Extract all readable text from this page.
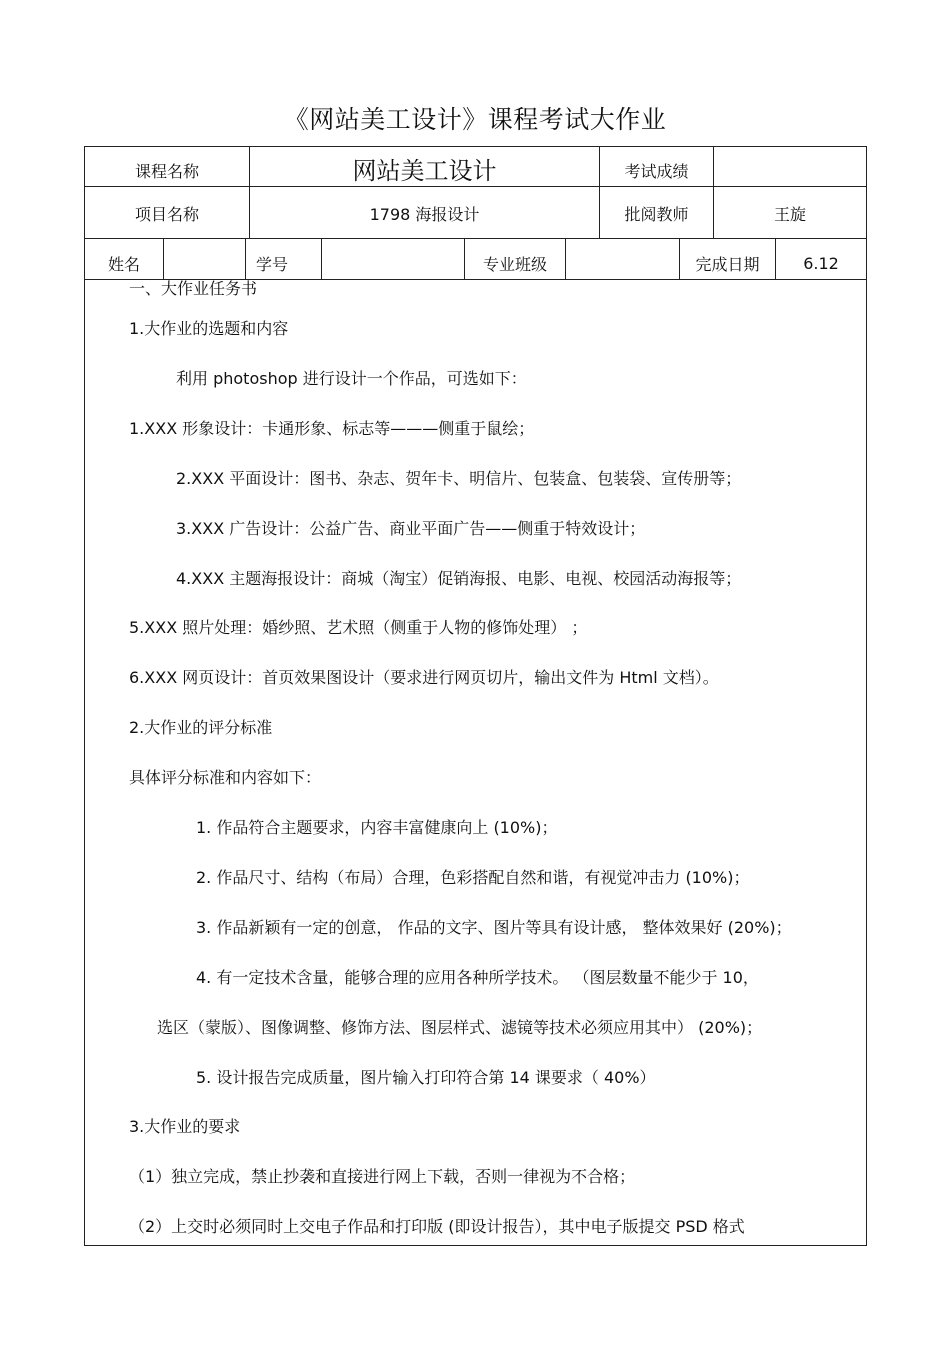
《网站美工设计》课程考试大作业
课程名称	网站美工设计	考试成绩
项目名称	1798 海报设计	批阅教师	王旋
姓名	学号	专业班级	完成日期	6.12
一、大作业任务书
1.大作业的选题和内容
利用 photoshop 进行设计一个作品，可选如下：
1.XXX 形象设计：卡通形象、标志等———侧重于鼠绘；
2.XXX 平面设计：图书、杂志、贺年卡、明信片、包装盒、包装袋、宣传册等；
3.XXX 广告设计：公益广告、商业平面广告——侧重于特效设计；
4.XXX 主题海报设计：商城（淘宝）促销海报、电影、电视、校园活动海报等；
5.XXX 照片处理：婚纱照、艺术照（侧重于人物的修饰处理） ；
6.XXX 网页设计：首页效果图设计（要求进行网页切片，输出文件为 Html 文档）。
2.大作业的评分标准
具体评分标准和内容如下：
1. 作品符合主题要求，内容丰富健康向上 (10%)；
2. 作品尺寸、结构（布局）合理，色彩搭配自然和谐，有视觉冲击力 (10%)；
3. 作品新颖有一定的创意， 作品的文字、图片等具有设计感， 整体效果好 (20%)；
4. 有一定技术含量，能够合理的应用各种所学技术。 （图层数量不能少于 10，
选区（蒙版）、图像调整、修饰方法、图层样式、滤镜等技术必须应用其中） (20%)；
5. 设计报告完成质量，图片输入打印符合第 14 课要求（ 40%）
3.大作业的要求
（1）独立完成，禁止抄袭和直接进行网上下载，否则一律视为不合格；
（2）上交时必须同时上交电子作品和打印版 (即设计报告），其中电子版提交 PSD 格式
